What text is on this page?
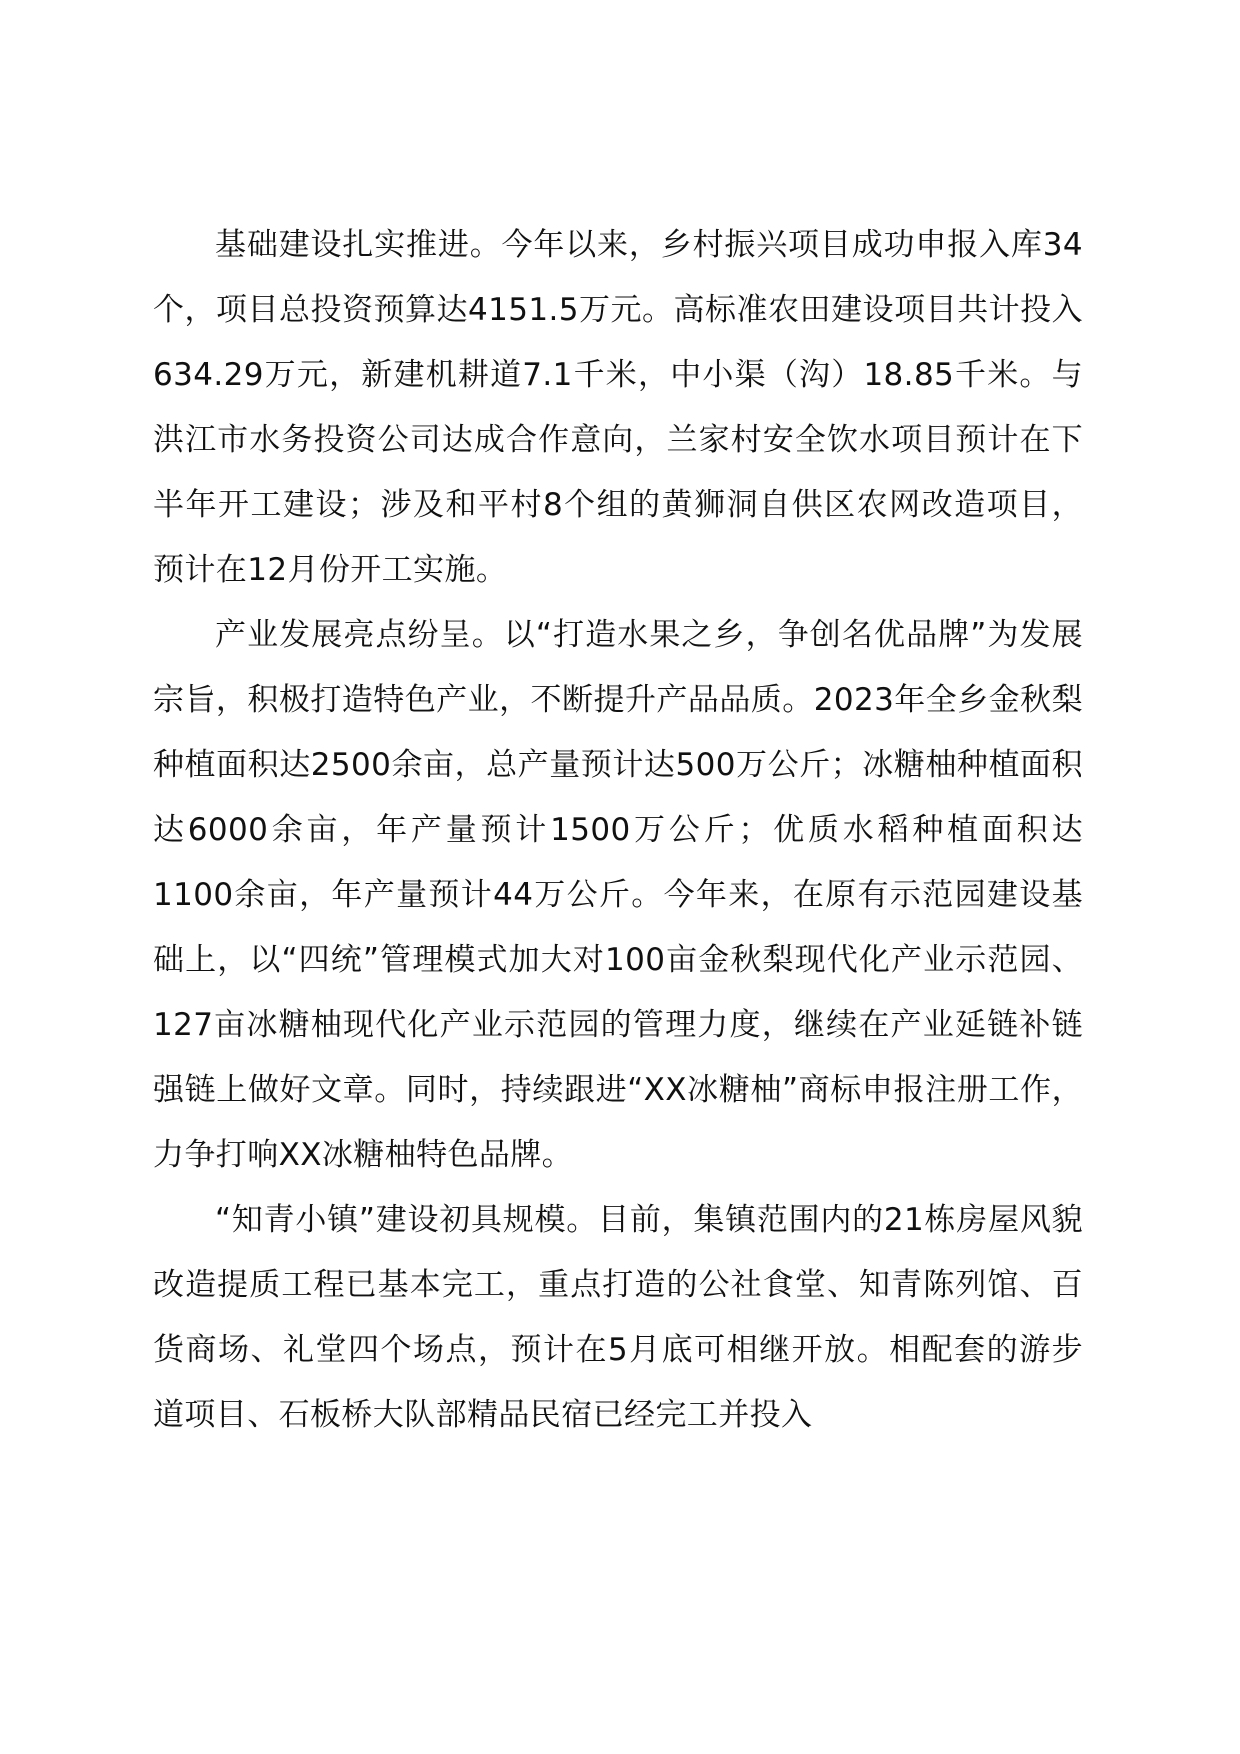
基础建设扎实推进。今年以来，乡村振兴项目成功申报入库34个，项目总投资预算达4151.5万元。高标准农田建设项目共计投入634.29万元，新建机耕道7.1千米，中小渠（沟）18.85千米。与洪江市水务投资公司达成合作意向，兰家村安全饮水项目预计在下半年开工建设；涉及和平村8个组的黄狮洞自供区农网改造项目，预计在12月份开工实施。

产业发展亮点纷呈。以“打造水果之乡，争创名优品牌”为发展宗旨，积极打造特色产业，不断提升产品品质。2023年全乡金秋梨种植面积达2500余亩，总产量预计达500万公斤；冰糖柚种植面积达6000余亩，年产量预计1500万公斤；优质水稻种植面积达1100余亩，年产量预计44万公斤。今年来，在原有示范园建设基础上，以“四统”管理模式加大对100亩金秋梨现代化产业示范园、127亩冰糖柚现代化产业示范园的管理力度，继续在产业延链补链强链上做好文章。同时，持续跟进“XX冰糖柚”商标申报注册工作，力争打响XX冰糖柚特色品牌。

“知青小镇”建设初具规模。目前，集镇范围内的21栋房屋风貌改造提质工程已基本完工，重点打造的公社食堂、知青陈列馆、百货商场、礼堂四个场点，预计在5月底可相继开放。相配套的游步道项目、石板桥大队部精品民宿已经完工并投入
